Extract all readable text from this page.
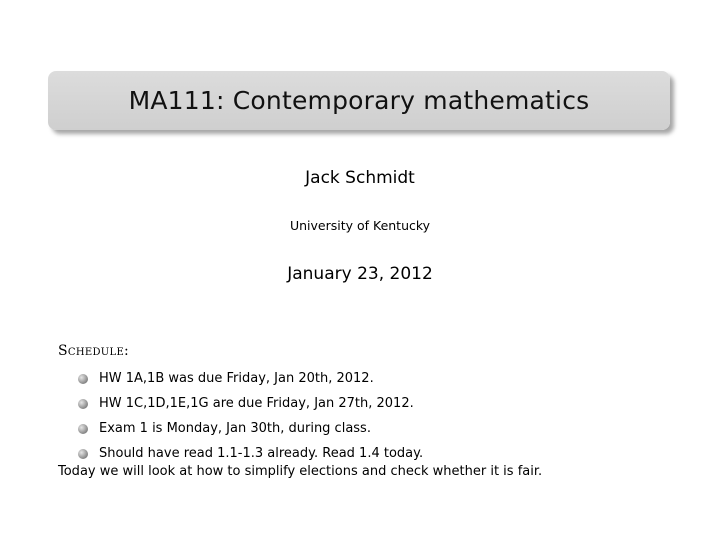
MA111: Contemporary mathematics
Jack Schmidt
University of Kentucky
January 23, 2012
Schedule:
HW 1A,1B was due Friday, Jan 20th, 2012.
HW 1C,1D,1E,1G are due Friday, Jan 27th, 2012.
Exam 1 is Monday, Jan 30th, during class.
Should have read 1.1-1.3 already. Read 1.4 today.
Today we will look at how to simplify elections and check whether it is fair.
